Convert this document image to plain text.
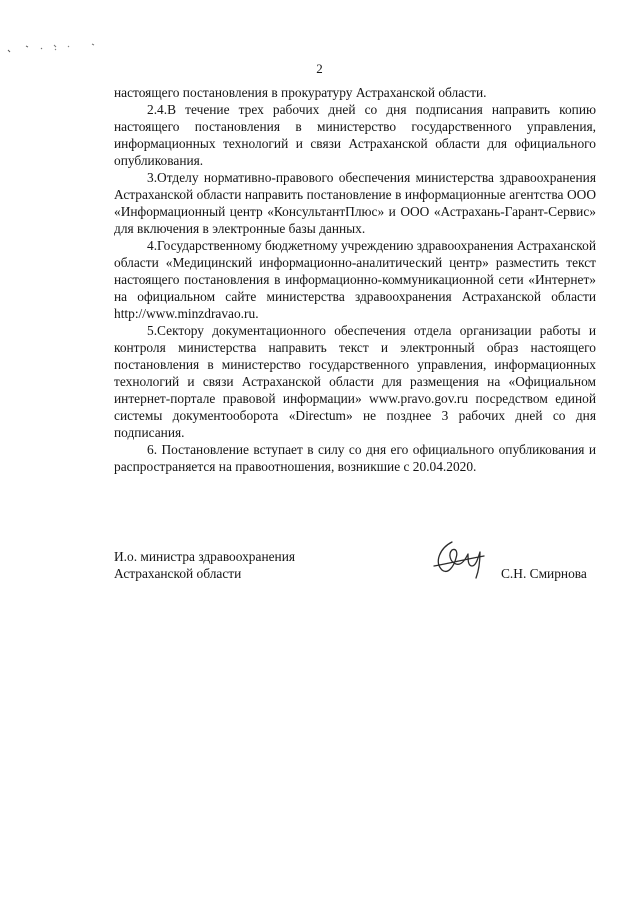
2

настоящего постановления в прокуратуру Астраханской области.

2.4.В течение трех рабочих дней со дня подписания направить копию настоящего постановления в министерство государственного управления, информационных технологий и связи Астраханской области для официального опубликования.

3.Отделу нормативно-правового обеспечения министерства здравоохранения Астраханской области направить постановление в информационные агентства ООО «Информационный центр «КонсультантПлюс» и ООО «Астрахань-Гарант-Сервис» для включения в электронные базы данных.

4.Государственному бюджетному учреждению здравоохранения Астраханской области «Медицинский информационно-аналитический центр» разместить текст настоящего постановления в информационно-коммуникационной сети «Интернет» на официальном сайте министерства здравоохранения Астраханской области http://www.minzdravao.ru.

5.Сектору документационного обеспечения отдела организации работы и контроля министерства направить текст и электронный образ настоящего постановления в министерство государственного управления, информационных технологий и связи Астраханской области для размещения на «Официальном интернет-портале правовой информации» www.pravo.gov.ru посредством единой системы документооборота «Directum» не позднее 3 рабочих дней со дня подписания.

6. Постановление вступает в силу со дня его официального опубликования и распространяется на правоотношения, возникшие с 20.04.2020.

И.о. министра здравоохранения
Астраханской области	С.Н. Смирнова
